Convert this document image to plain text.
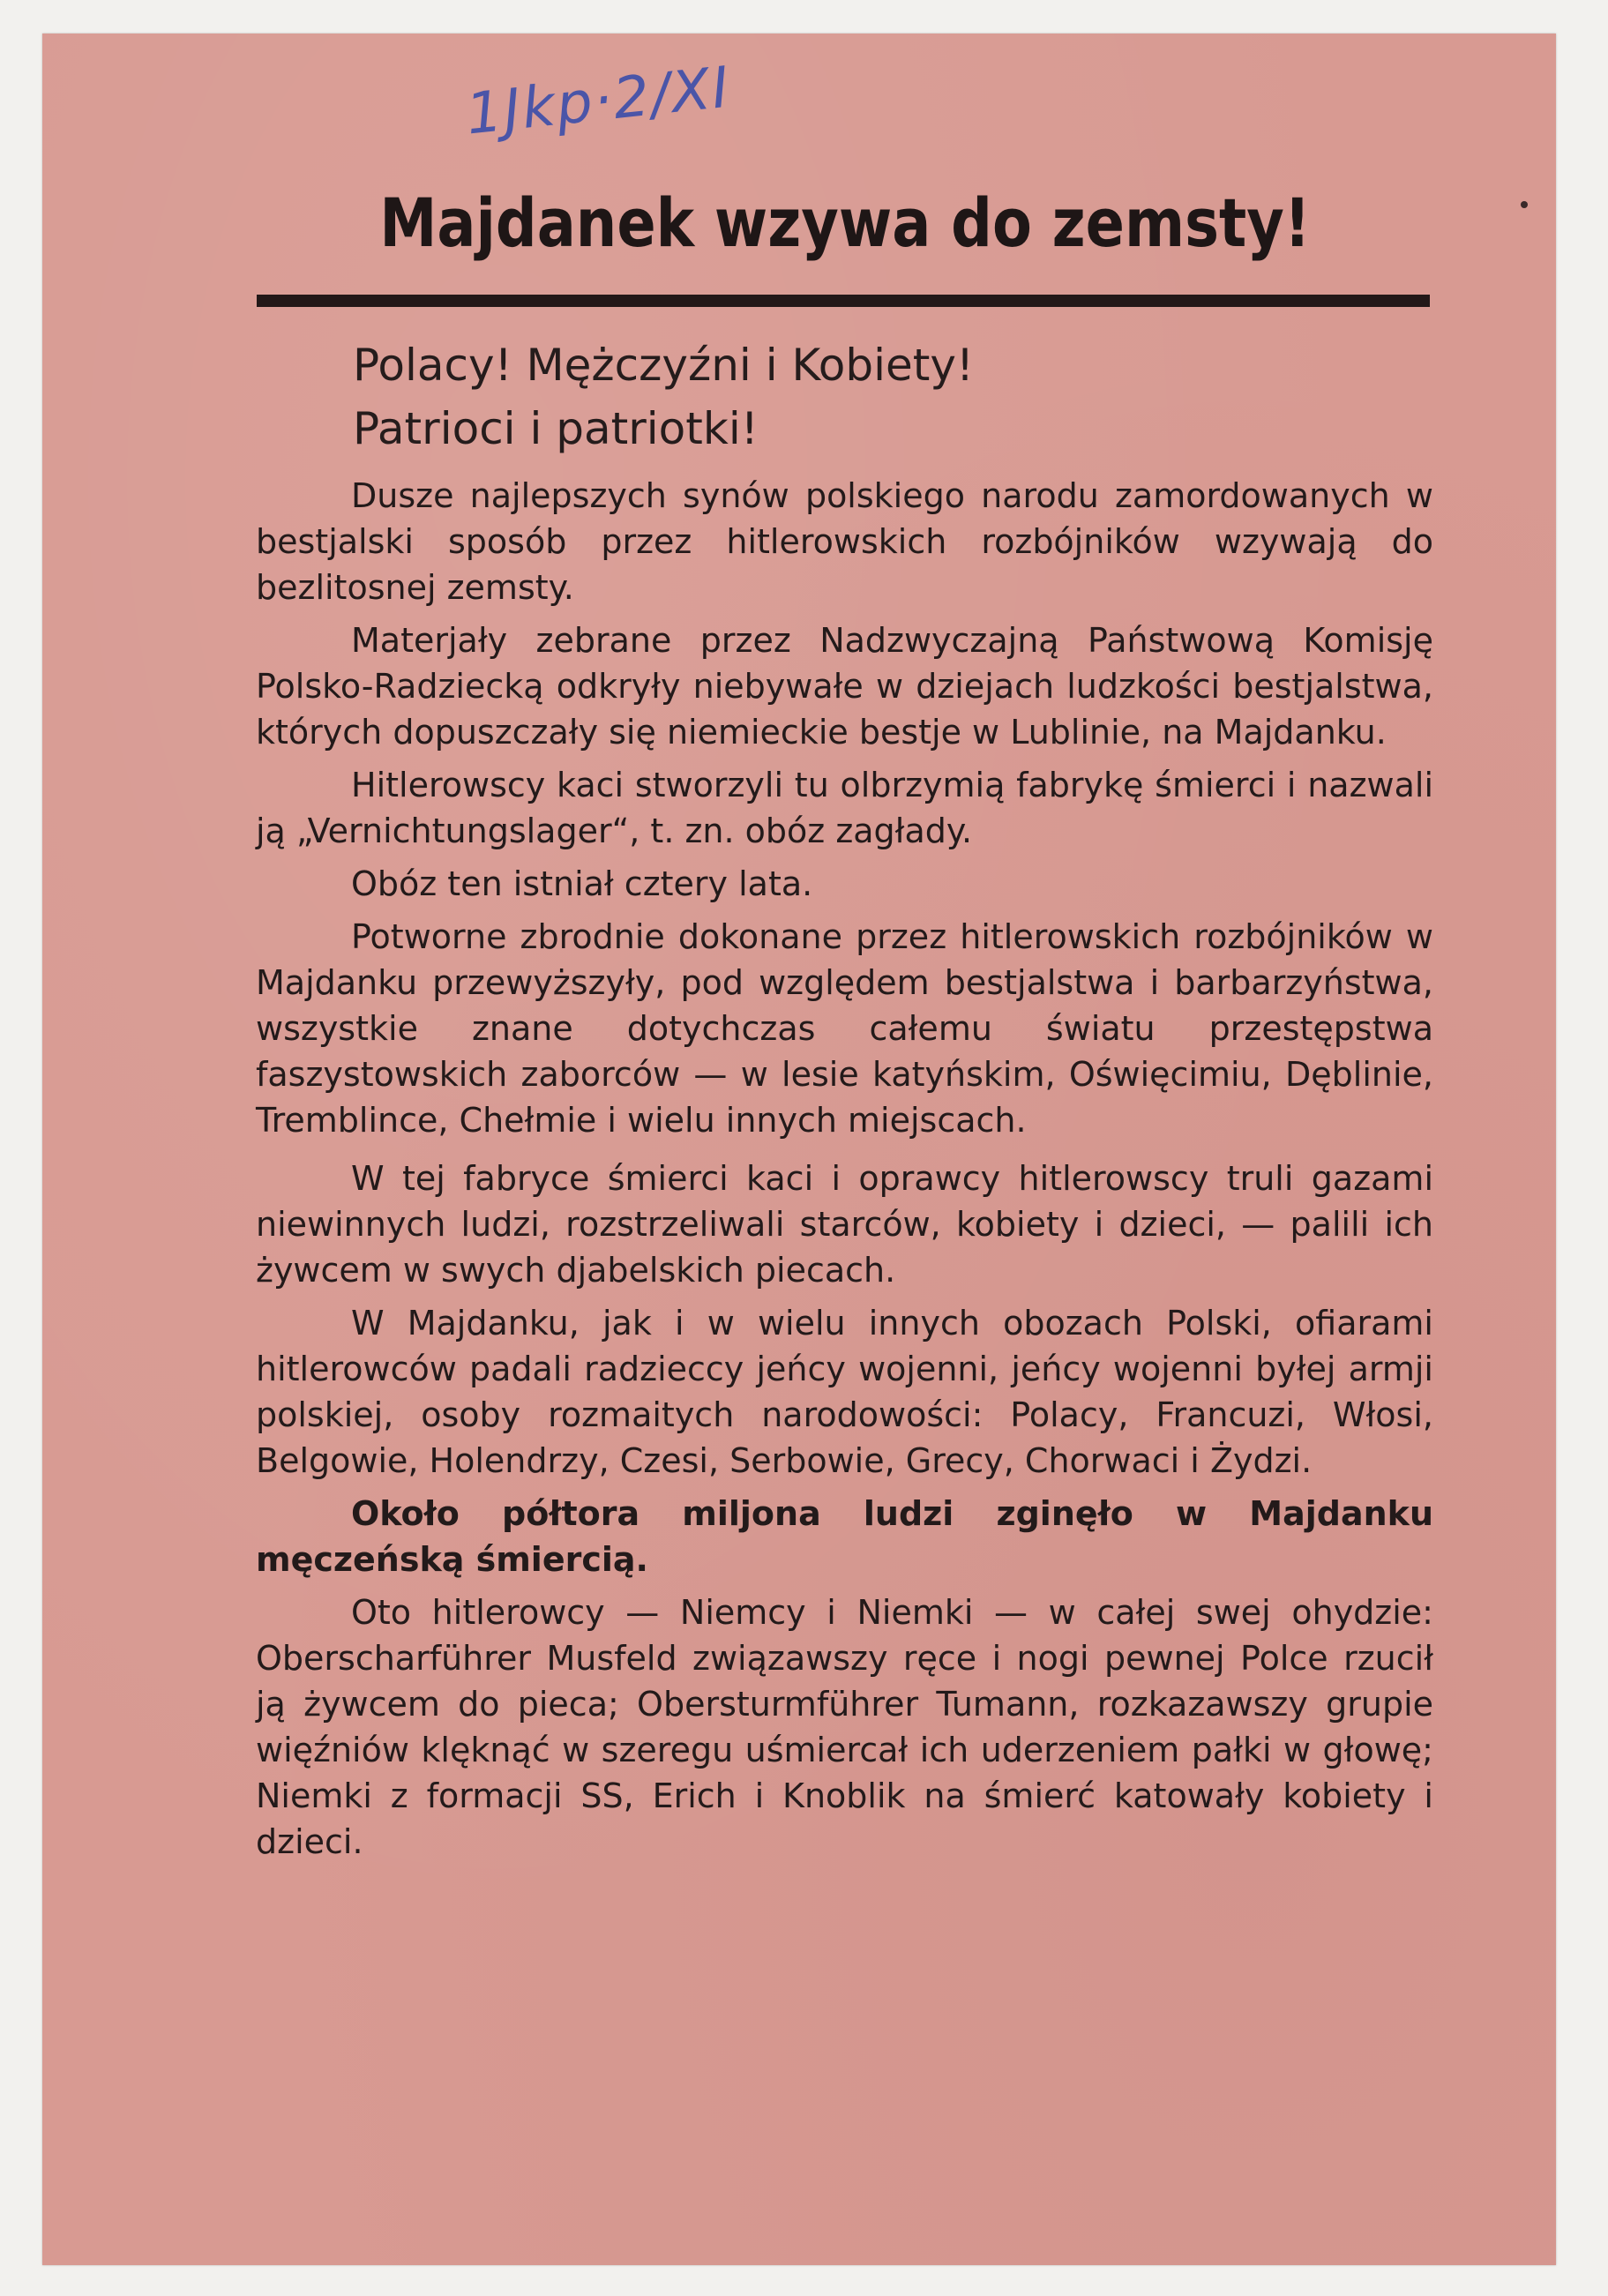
1Jkp·2/XI
Majdanek wzywa do zemsty!
Polacy! Mężczyźni i Kobiety!
Patrioci i patriotki!

Dusze najlepszych synów polskiego narodu zamordowanych w bestjalski sposób przez hitlerowskich rozbójników wzywają do bezlitosnej zemsty.

Materjały zebrane przez Nadzwyczajną Państwową Komisję Polsko-Radziecką odkryły niebywałe w dziejach ludzkości bestjalstwa, których dopuszczały się niemieckie bestje w Lublinie, na Majdanku.

Hitlerowscy kaci stworzyli tu olbrzymią fabrykę śmierci i nazwali ją „Vernichtungslager“, t. zn. obóz zagłady.

Obóz ten istniał cztery lata.

Potworne zbrodnie dokonane przez hitlerowskich rozbójników w Majdanku przewyższyły, pod względem bestjalstwa i barbarzyństwa, wszystkie znane dotychczas całemu światu przestępstwa faszystowskich zaborców — w lesie katyńskim, Oświęcimiu, Dęblinie, Tremblince, Chełmie i wielu innych miejscach.

W tej fabryce śmierci kaci i oprawcy hitlerowscy truli gazami niewinnych ludzi, rozstrzeliwali starców, kobiety i dzieci, — palili ich żywcem w swych djabelskich piecach.

W Majdanku, jak i w wielu innych obozach Polski, ofiarami hitlerowców padali radzieccy jeńcy wojenni, jeńcy wojenni byłej armji polskiej, osoby rozmaitych narodowości: Polacy, Francuzi, Włosi, Belgowie, Holendrzy, Czesi, Serbowie, Grecy, Chorwaci i Żydzi.

Około półtora miljona ludzi zginęło w Majdanku męczeńską śmiercią.

Oto hitlerowcy — Niemcy i Niemki — w całej swej ohydzie: Oberscharführer Musfeld związawszy ręce i nogi pewnej Polce rzucił ją żywcem do pieca; Obersturmführer Tumann, rozkazawszy grupie więźniów klęknąć w szeregu uśmiercał ich uderzeniem pałki w głowę; Niemki z formacji SS, Erich i Knoblik na śmierć katowały kobiety i dzieci.
